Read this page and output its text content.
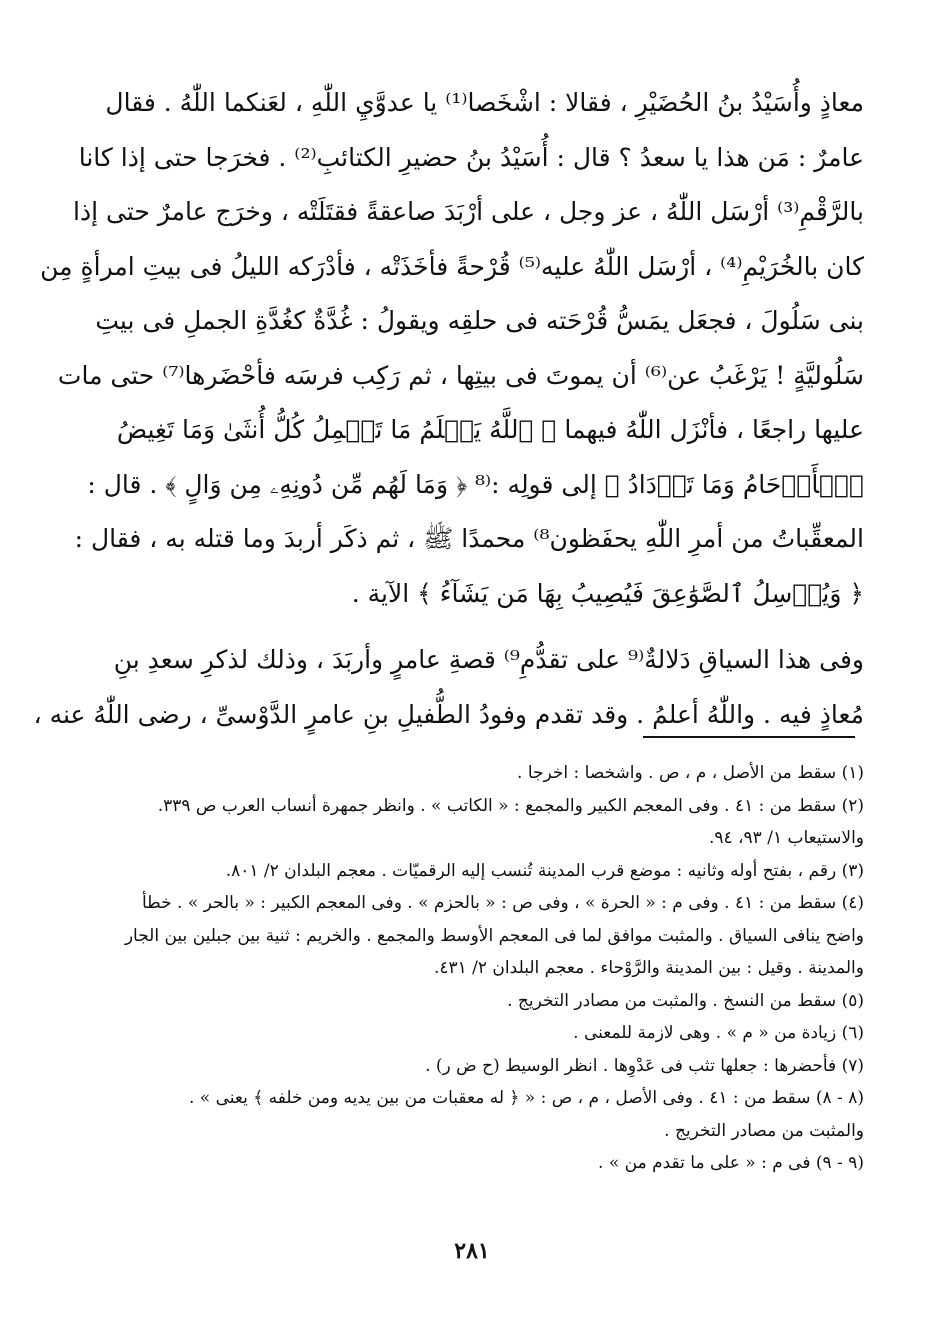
معاذٍ وأُسَيْدُ بنُ الحُضَيْرِ ، فقالا : اشْخَصا⁽¹⁾ يا عدوَّيِ اللّٰهِ ، لعَنكما اللّٰهُ . فقال
عامرٌ : مَن هذا يا سعدُ ؟ قال : أُسَيْدُ بنُ حضيرِ الكتائبِ⁽²⁾ . فخرَجا حتى إذا كانا
بالرَّقْمِ⁽³⁾ أرْسَل اللّٰهُ ، عز وجل ، على أرْبَدَ صاعقةً فقتَلَتْه ، وخرَج عامرٌ حتى إذا
كان بالخُرَيْمِ⁽⁴⁾ ، أرْسَل اللّٰهُ عليه⁽⁵⁾ قُرْحةً فأخَذَتْه ، فأدْرَكه الليلُ فى بيتِ امرأةٍ مِن
بنى سَلُولَ ، فجعَل يمَسُّ قُرْحَته فى حلقِه ويقولُ : غُدَّةٌ كغُدَّةِ الجملِ فى بيتِ
سَلُوليَّةٍ ! يَرْغَبُ عن⁽⁶⁾ أن يموتَ فى بيتِها ، ثم رَكِب فرسَه فأحْضَرها⁽⁷⁾ حتى مات
عليها راجعًا ، فأنْزَل اللّٰهُ فيهما ﴿ ٱللَّهُ يَعۡلَمُ مَا تَحۡمِلُ كُلُّ أُنثَىٰ وَمَا تَغِيضُ
ٱلۡأَرۡحَامُ وَمَا تَزۡدَادُ ﴾ إلى قولِه :⁽⁸ ﴿ وَمَا لَهُم مِّن دُونِهِۦ مِن وَالٍ ﴾ . قال :
المعقِّباتُ من أمرِ اللّٰهِ يحفَظون⁸⁾ محمدًا ﷺ ، ثم ذكَر أربدَ وما قتله به ، فقال :
﴿ وَيُرۡسِلُ ٱلصَّوَٰعِقَ فَيُصِيبُ بِهَا مَن يَشَآءُ ﴾ الآية .
وفى هذا السياقِ دَلالةٌ⁽⁹ على تقدُّمِ⁹⁾ قصةِ عامرٍ وأربَدَ ، وذلك لذكرِ سعدِ بنِ
مُعاذٍ فيه . واللّٰهُ أعلمُ . وقد تقدم وفودُ الطُّفيلِ بنِ عامرٍ الدَّوْسىِّ ، رضى اللّٰهُ عنه ،
(١) سقط من الأصل ، م ، ص . واشخصا : اخرجا .
(٢) سقط من : ٤١ . وفى المعجم الكبير والمجمع : « الكاتب » . وانظر جمهرة أنساب العرب ص ٣٣٩.
والاستيعاب ١/ ٩٣، ٩٤.
(٣) رقم ، بفتح أوله وثانيه : موضع قرب المدينة تُنسب إليه الرقميّات . معجم البلدان ٢/ ٨٠١.
(٤) سقط من : ٤١ . وفى م : « الحرة » ، وفى ص : « بالحزم » . وفى المعجم الكبير : « بالحر » . خطأ
واضح ينافى السياق . والمثبت موافق لما فى المعجم الأوسط والمجمع . والخريم : ثنية بين جبلين بين الجار
والمدينة . وقيل : بين المدينة والرَّوْحاء . معجم البلدان ٢/ ٤٣١.
(٥) سقط من النسخ . والمثبت من مصادر التخريج .
(٦) زيادة من « م » . وهى لازمة للمعنى .
(٧) فأحضرها : جعلها تثب فى عَدْوِها . انظر الوسيط (ح ض ر) .
(٨ - ٨) سقط من : ٤١ . وفى الأصل ، م ، ص : « ﴿ له معقبات من بين يديه ومن خلفه ﴾ يعنى » .
والمثبت من مصادر التخريج .
(٩ - ٩) فى م : « على ما تقدم من » .
٢٨١
